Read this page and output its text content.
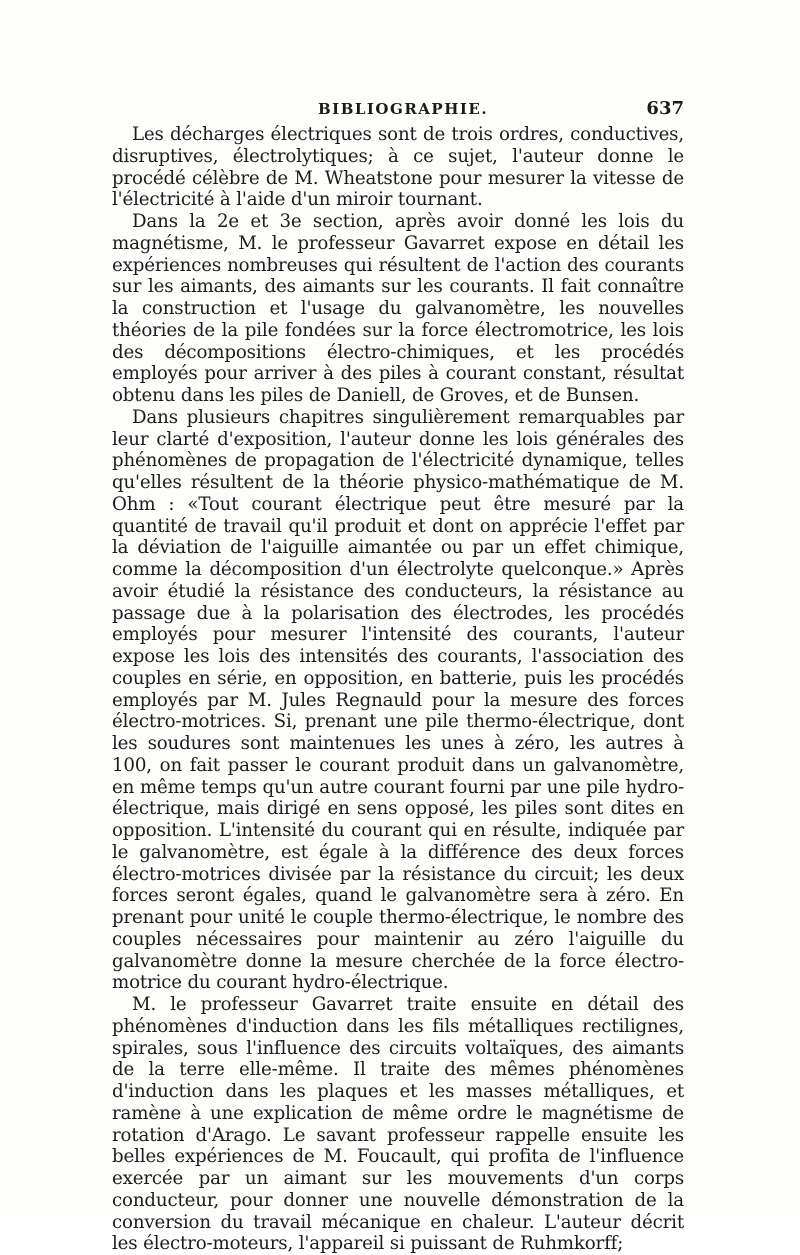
BIBLIOGRAPHIE.	637

Les décharges électriques sont de trois ordres, conductives, disruptives, électrolytiques; à ce sujet, l'auteur donne le procédé célèbre de M. Wheatstone pour mesurer la vitesse de l'électricité à l'aide d'un miroir tournant.

Dans la 2e et 3e section, après avoir donné les lois du magnétisme, M. le professeur Gavarret expose en détail les expériences nombreuses qui résultent de l'action des courants sur les aimants, des aimants sur les courants. Il fait connaître la construction et l'usage du galvanomètre, les nouvelles théories de la pile fondées sur la force électromotrice, les lois des décompositions électro-chimiques, et les procédés employés pour arriver à des piles à courant constant, résultat obtenu dans les piles de Daniell, de Groves, et de Bunsen.

Dans plusieurs chapitres singulièrement remarquables par leur clarté d'exposition, l'auteur donne les lois générales des phénomènes de propagation de l'électricité dynamique, telles qu'elles résultent de la théorie physico-mathématique de M. Ohm : «Tout courant électrique peut être mesuré par la quantité de travail qu'il produit et dont on apprécie l'effet par la déviation de l'aiguille aimantée ou par un effet chimique, comme la décomposition d'un électrolyte quelconque.» Après avoir étudié la résistance des conducteurs, la résistance au passage due à la polarisation des électrodes, les procédés employés pour mesurer l'intensité des courants, l'auteur expose les lois des intensités des courants, l'association des couples en série, en opposition, en batterie, puis les procédés employés par M. Jules Regnauld pour la mesure des forces électro-motrices. Si, prenant une pile thermo-électrique, dont les soudures sont maintenues les unes à zéro, les autres à 100, on fait passer le courant produit dans un galvanomètre, en même temps qu'un autre courant fourni par une pile hydro-électrique, mais dirigé en sens opposé, les piles sont dites en opposition. L'intensité du courant qui en résulte, indiquée par le galvanomètre, est égale à la différence des deux forces électro-motrices divisée par la résistance du circuit; les deux forces seront égales, quand le galvanomètre sera à zéro. En prenant pour unité le couple thermo-électrique, le nombre des couples nécessaires pour maintenir au zéro l'aiguille du galvanomètre donne la mesure cherchée de la force électro-motrice du courant hydro-électrique.

M. le professeur Gavarret traite ensuite en détail des phénomènes d'induction dans les fils métalliques rectilignes, spirales, sous l'influence des circuits voltaïques, des aimants de la terre elle-même. Il traite des mêmes phénomènes d'induction dans les plaques et les masses métalliques, et ramène à une explication de même ordre le magnétisme de rotation d'Arago. Le savant professeur rappelle ensuite les belles expériences de M. Foucault, qui profita de l'influence exercée par un aimant sur les mouvements d'un corps conducteur, pour donner une nouvelle démonstration de la conversion du travail mécanique en chaleur. L'auteur décrit les électro-moteurs, l'appareil si puissant de Ruhmkorff;
